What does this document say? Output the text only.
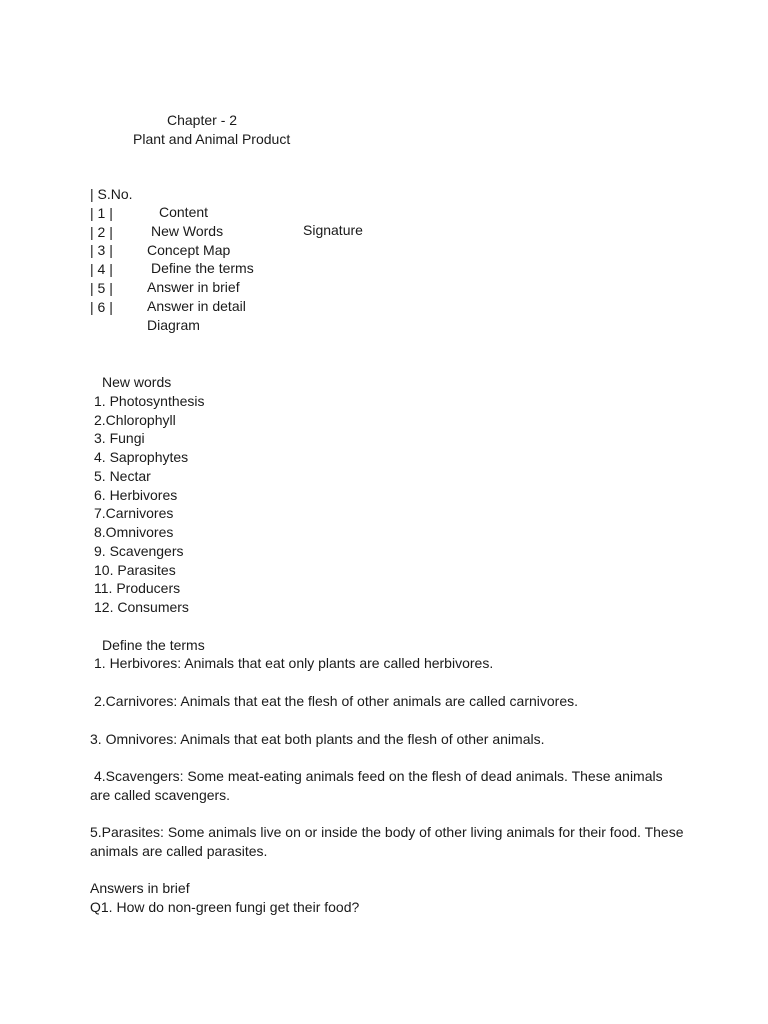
Chapter - 2
Plant and Animal Product

| S.No.

Content

Signature

| 1 |

New Words

| 2 |

Concept Map

| 3 |

Define the terms

| 4 |

Answer in brief

| 5 |

Answer in detail

| 6 |

Diagram

New words
1. Photosynthesis
2.Chlorophyll
3. Fungi
4. Saprophytes
5. Nectar
6. Herbivores
7.Carnivores
8.Omnivores
9. Scavengers
10. Parasites
11. Producers
12. Consumers
Define the terms
1. Herbivores: Animals that eat only plants are called herbivores.
2.Carnivores: Animals that eat the flesh of other animals are called carnivores.
3. Omnivores: Animals that eat both plants and the flesh of other animals.
4.Scavengers: Some meat-eating animals feed on the flesh of dead animals. These animals
are called scavengers.
5.Parasites: Some animals live on or inside the body of other living animals for their food. These
animals are called parasites.
Answers in brief
Q1. How do non-green fungi get their food?
